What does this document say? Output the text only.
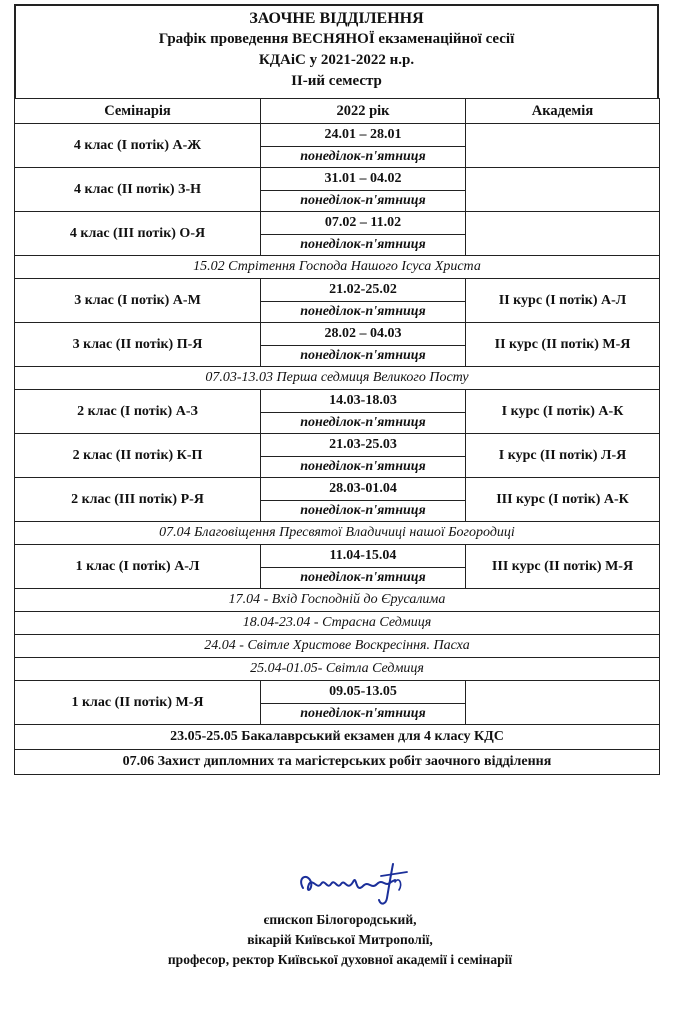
ЗАОЧНЕ ВІДДІЛЕННЯ
Графік проведення ВЕСНЯНОЇ екзаменаційної сесії
КДАіС у 2021-2022 н.р.
ІІ-ий семестр
Семінарія	2022 рік	Академія
4 клас (I потік) А-Ж	24.01 – 28.01	
	понеділок-п'ятниця	
4 клас (II потік) З-Н	31.01 – 04.02	
	понеділок-п'ятниця	
4 клас (III потік) О-Я	07.02 – 11.02	
	понеділок-п'ятниця	
15.02 Стрітення Господа Нашого Ісуса Христа		
3 клас (I потік) А-М	21.02-25.02	II курс (I потік) А-Л
	понеділок-п'ятниця	
3 клас (II потік) П-Я	28.02 – 04.03	II курс (II потік) М-Я
	понеділок-п'ятниця	
07.03-13.03 Перша седмиця Великого Посту		
2 клас (I потік) А-З	14.03-18.03	I курс (I потік) А-К
	понеділок-п'ятниця	
2 клас (II потік) К-П	21.03-25.03	I курс (II потік) Л-Я
	понеділок-п'ятниця	
2 клас (III потік) Р-Я	28.03-01.04	III курс (I потік) А-К
	понеділок-п'ятниця	
07.04 Благовіщення Пресвятої Владичиці нашої Богородиці		
1 клас (I потік) А-Л	11.04-15.04	III курс (II потік) М-Я
	понеділок-п'ятниця	
17.04 - Вхід Господній до Єрусалима		
18.04-23.04 - Страсна Седмиця		
24.04 - Світле Христове Воскресіння. Пасха		
25.04-01.05- Світла Седмиця		
1 клас (II потік) М-Я	09.05-13.05	
	понеділок-п'ятниця	
23.05-25.05 Бакалаврський екзамен для 4 класу КДС		
07.06 Захист дипломних та магістерських робіт заочного відділення		
єпископ Білогородський,
вікарій Київської Митрополії,
професор, ректор Київської духовної академії і семінарії
